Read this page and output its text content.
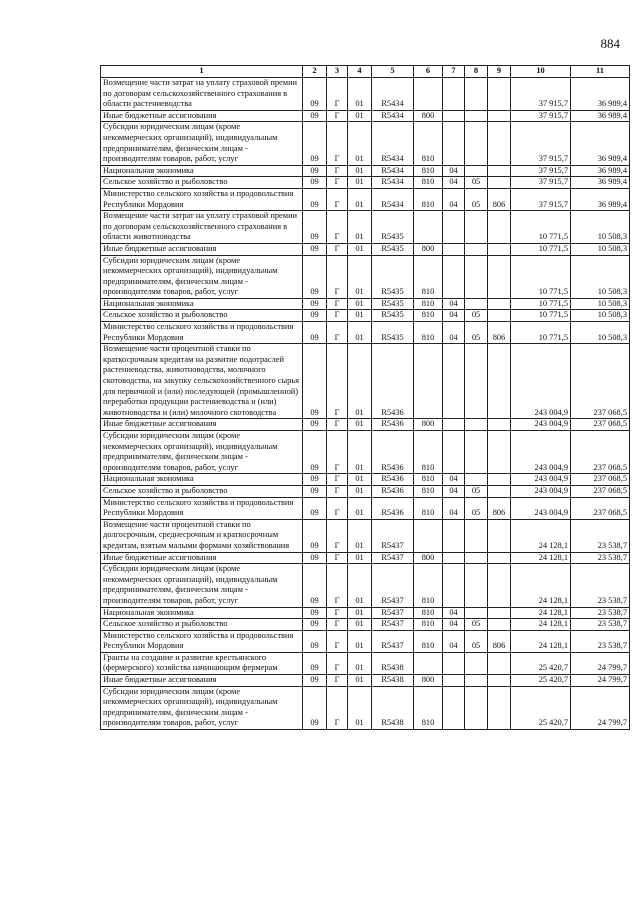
884
1	2	3	4	5	6	7	8	9	10	11
Возмещение части затрат на уплату страховой премии по договорам сельскохозяйственного страхования в области растениеводства	09	Г	01	R5434					37 915,7	36 989,4
Иные бюджетные ассигнования	09	Г	01	R5434	800				37 915,7	36 989,4
Субсидии юридическим лицам (кроме некоммерческих организаций), индивидуальным предпринимателям, физическим лицам - производителям товаров, работ, услуг	09	Г	01	R5434	810				37 915,7	36 989,4
Национальная экономика	09	Г	01	R5434	810	04			37 915,7	36 989,4
Сельское хозяйство и рыболовство	09	Г	01	R5434	810	04	05		37 915,7	36 989,4
Министерство сельского хозяйства и продовольствия Республики Мордовия	09	Г	01	R5434	810	04	05	806	37 915,7	36 989,4
Возмещение части затрат на уплату страховой премии по договорам сельскохозяйственного страхования в области животноводства	09	Г	01	R5435					10 771,5	10 508,3
Иные бюджетные ассигнования	09	Г	01	R5435	800				10 771,5	10 508,3
Субсидии юридическим лицам (кроме некоммерческих организаций), индивидуальным предпринимателям, физическим лицам - производителям товаров, работ, услуг	09	Г	01	R5435	810				10 771,5	10 508,3
Национальная экономика	09	Г	01	R5435	810	04			10 771,5	10 508,3
Сельское хозяйство и рыболовство	09	Г	01	R5435	810	04	05		10 771,5	10 508,3
Министерство сельского хозяйства и продовольствия Республики Мордовия	09	Г	01	R5435	810	04	05	806	10 771,5	10 508,3
Возмещение части процентной ставки по краткосрочным кредитам на развитие подотраслей растениеводства, животноводства, молочного скотоводства, на закупку сельскохозяйственного сырья для первичной и (или) последующей (промышленной) переработки продукции растениеводства и (или) животноводства и (или) молочного скотоводства	09	Г	01	R5436					243 004,9	237 068,5
Иные бюджетные ассигнования	09	Г	01	R5436	800				243 004,9	237 068,5
Субсидии юридическим лицам (кроме некоммерческих организаций), индивидуальным предпринимателям, физическим лицам - производителям товаров, работ, услуг	09	Г	01	R5436	810				243 004,9	237 068,5
Национальная экономика	09	Г	01	R5436	810	04			243 004,9	237 068,5
Сельское хозяйство и рыболовство	09	Г	01	R5436	810	04	05		243 004,9	237 068,5
Министерство сельского хозяйства и продовольствия Республики Мордовия	09	Г	01	R5436	810	04	05	806	243 004,9	237 068,5
Возмещение части процентной ставки по долгосрочным, среднесрочным и краткосрочным кредитам, взятым малыми формами хозяйствования	09	Г	01	R5437					24 128,1	23 538,7
Иные бюджетные ассигнования	09	Г	01	R5437	800				24 128,1	23 538,7
Субсидии юридическим лицам (кроме некоммерческих организаций), индивидуальным предпринимателям, физическим лицам - производителям товаров, работ, услуг	09	Г	01	R5437	810				24 128,1	23 538,7
Национальная экономика	09	Г	01	R5437	810	04			24 128,1	23 538,7
Сельское хозяйство и рыболовство	09	Г	01	R5437	810	04	05		24 128,1	23 538,7
Министерство сельского хозяйства и продовольствия Республики Мордовия	09	Г	01	R5437	810	04	05	806	24 128,1	23 538,7
Гранты на создание и развитие крестьянского (фермерского) хозяйства начинающим фермерам	09	Г	01	R5438					25 420,7	24 799,7
Иные бюджетные ассигнования	09	Г	01	R5438	800				25 420,7	24 799,7
Субсидии юридическим лицам (кроме некоммерческих организаций), индивидуальным предпринимателям, физическим лицам - производителям товаров, работ, услуг	09	Г	01	R5438	810				25 420,7	24 799,7
